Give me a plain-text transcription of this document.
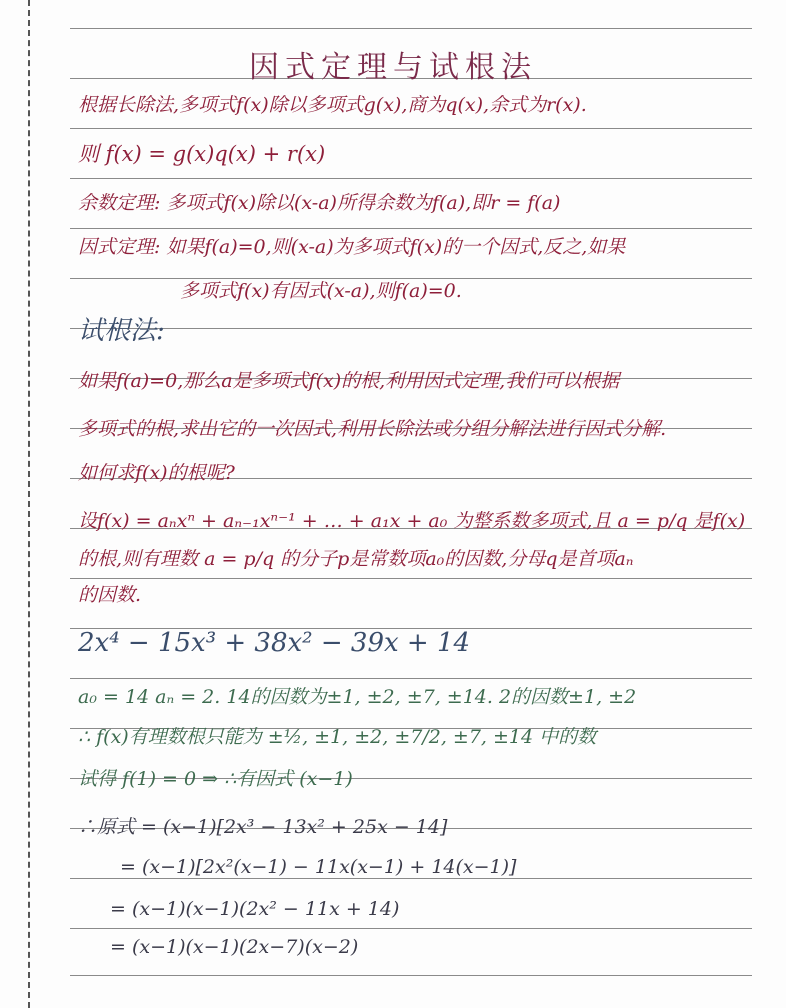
因式定理与试根法
根据长除法,多项式f(x)除以多项式g(x),商为q(x),余式为r(x).
则 f(x) = g(x)q(x) + r(x)
余数定理: 多项式f(x)除以(x-a)所得余数为f(a),即r = f(a)
因式定理: 如果f(a)=0,则(x-a)为多项式f(x)的一个因式,反之,如果
多项式f(x)有因式(x-a),则f(a)=0.
试根法:
如果f(a)=0,那么a是多项式f(x)的根,利用因式定理,我们可以根据
多项式的根,求出它的一次因式,利用长除法或分组分解法进行因式分解.
如何求f(x)的根呢?
设f(x) = aₙxⁿ + aₙ₋₁xⁿ⁻¹ + … + a₁x + a₀ 为整系数多项式,且 a = p/q 是f(x)
的根,则有理数 a = p/q 的分子p是常数项a₀的因数,分母q是首项aₙ
的因数.
2x⁴ − 15x³ + 38x² − 39x + 14
a₀ = 14 aₙ = 2. 14的因数为±1, ±2, ±7, ±14. 2的因数±1, ±2
∴ f(x)有理数根只能为 ±½, ±1, ±2, ±7/2, ±7, ±14 中的数
试得 f(1) = 0 ⇒ ∴有因式 (x−1)
∴原式 = (x−1)[2x³ − 13x² + 25x − 14]
= (x−1)[2x²(x−1) − 11x(x−1) + 14(x−1)]
= (x−1)(x−1)(2x² − 11x + 14)
= (x−1)(x−1)(2x−7)(x−2)
